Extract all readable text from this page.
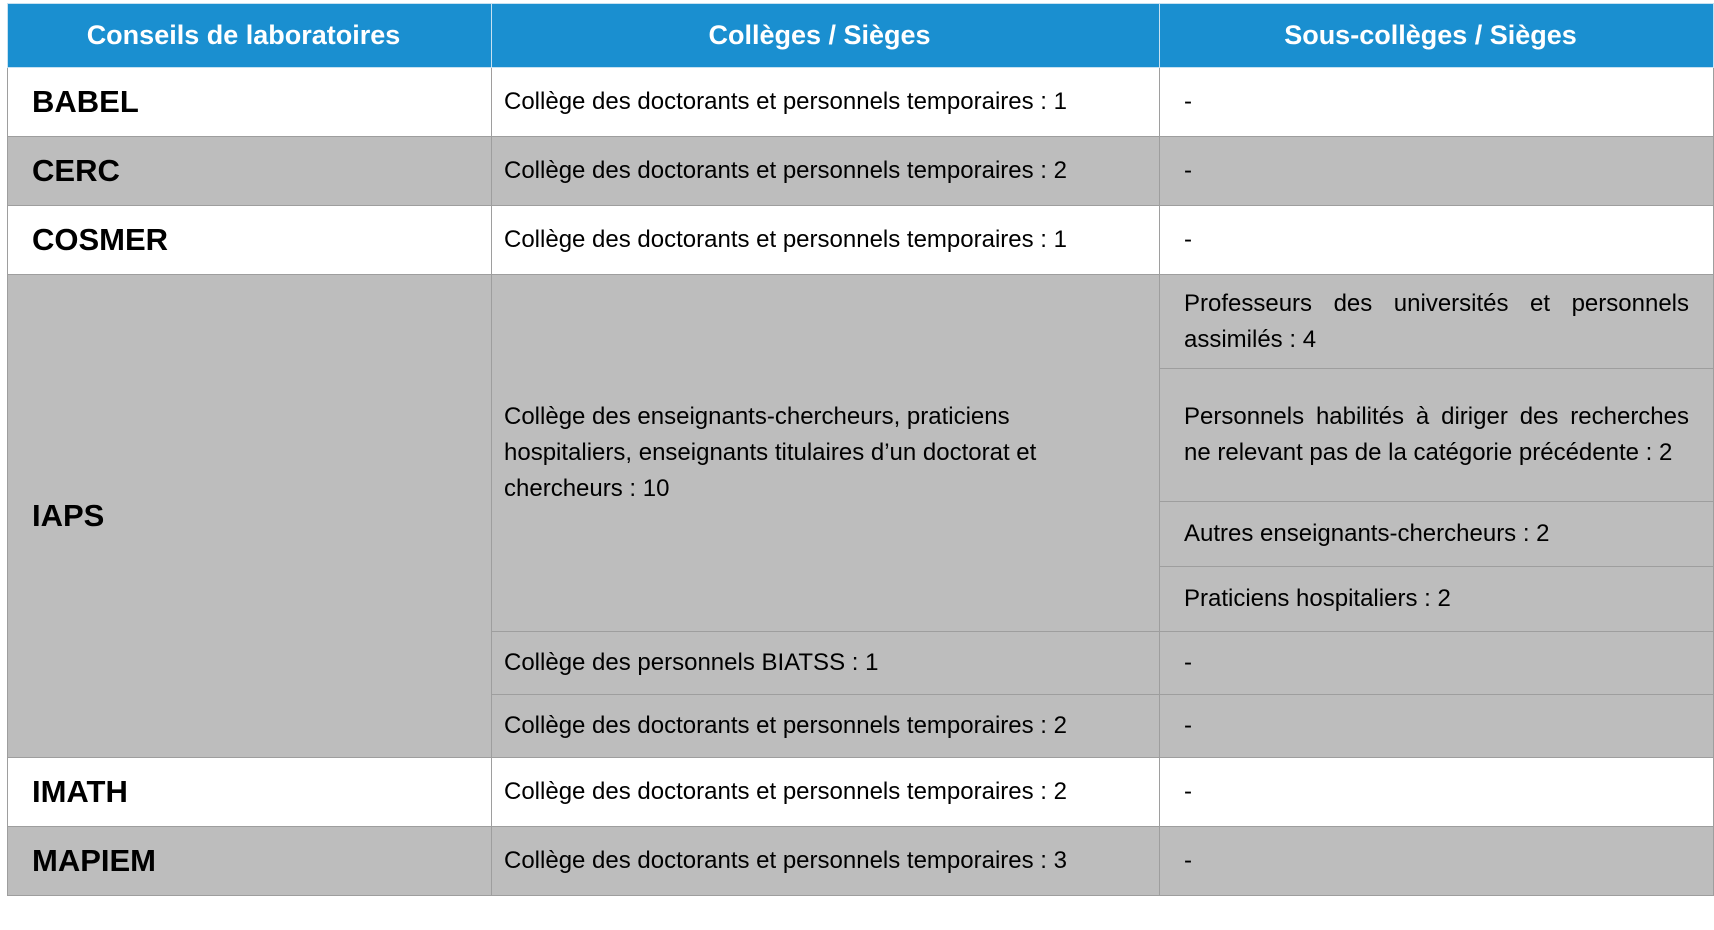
Conseils de laboratoires	Collèges / Sièges	Sous-collèges / Sièges
BABEL	Collège des doctorants et personnels temporaires : 1	-
CERC	Collège des doctorants et personnels temporaires : 2	-
COSMER	Collège des doctorants et personnels temporaires : 1	-
IAPS	Collège des enseignants-chercheurs, praticiens hospitaliers, enseignants titulaires d’un doctorat et chercheurs : 10	Professeurs des universités et personnels assimilés : 4
		Personnels habilités à diriger des recherches ne relevant pas de la catégorie précédente : 2
		Autres enseignants-chercheurs : 2
		Praticiens hospitaliers : 2
	Collège des personnels BIATSS : 1	-
	Collège des doctorants et personnels temporaires : 2	-
IMATH	Collège des doctorants et personnels temporaires : 2	-
MAPIEM	Collège des doctorants et personnels temporaires : 3	-
